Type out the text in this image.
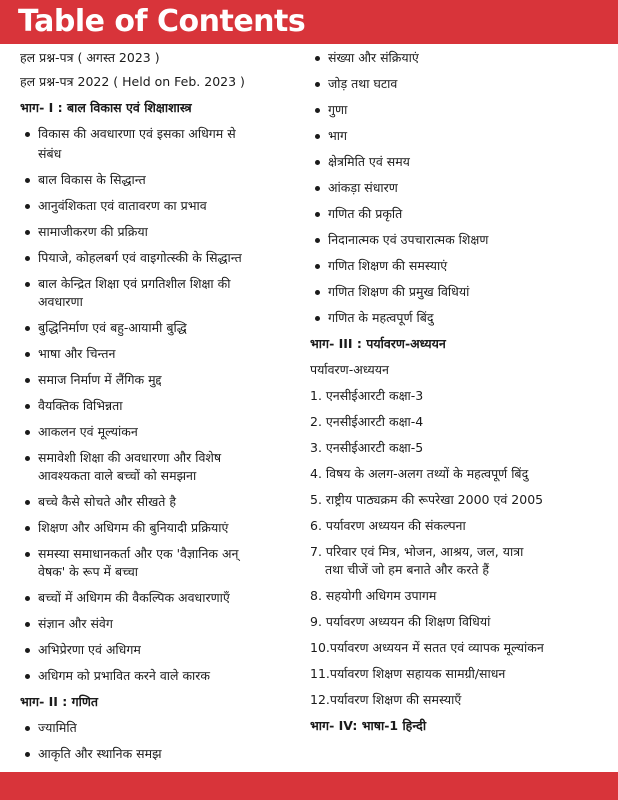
Table of Contents
हल प्रश्न-पत्र ( अगस्त 2023 )
हल प्रश्न-पत्र 2022 ( Held on Feb. 2023 )
भाग- I : बाल विकास एवं शिक्षाशास्त्र
विकास की अवधारणा एवं इसका अधिगम से
संबंध
बाल विकास के सिद्धान्त
आनुवंशिकता एवं वातावरण का प्रभाव
सामाजीकरण की प्रक्रिया
पियाजे, कोहलबर्ग एवं वाइगोत्स्की के सिद्धान्त
बाल केन्द्रित शिक्षा एवं प्रगतिशील शिक्षा की
अवधारणा
बुद्धिनिर्माण एवं बहु-आयामी बुद्धि
भाषा और चिन्तन
समाज निर्माण में लैंगिक मुद्द
वैयक्तिक विभिन्नता
आकलन एवं मूल्यांकन
समावेशी शिक्षा की अवधारणा और विशेष
आवश्यकता वाले बच्चों को समझना
बच्चे कैसे सोचते और सीखते है
शिक्षण और अधिगम की बुनियादी प्रक्रियाएं
समस्या समाधानकर्ता और एक 'वैज्ञानिक अन्
वेषक' के रूप में बच्चा
बच्चों में अधिगम की वैकल्पिक अवधारणाएँ
संज्ञान और संवेग
अभिप्रेरणा एवं अधिगम
अधिगम को प्रभावित करने वाले कारक
भाग- II : गणित
ज्यामिति
आकृति और स्थानिक समझ
संख्या और संक्रियाएं
जोड़ तथा घटाव
गुणा
भाग
क्षेत्रमिति एवं समय
आंकड़ा संधारण
गणित की प्रकृति
निदानात्मक एवं उपचारात्मक शिक्षण
गणित शिक्षण की समस्याएं
गणित शिक्षण की प्रमुख विधियां
गणित के महत्वपूर्ण बिंदु
भाग- III : पर्यावरण-अध्ययन
पर्यावरण-अध्ययन
1. एनसीईआरटी कक्षा-3
2. एनसीईआरटी कक्षा-4
3. एनसीईआरटी कक्षा-5
4. विषय के अलग-अलग तथ्यों के महत्वपूर्ण बिंदु
5. राष्ट्रीय पाठ्यक्रम की रूपरेखा 2000 एवं 2005
6. पर्यावरण अध्ययन की संकल्पना
7. परिवार एवं मित्र, भोजन, आश्रय, जल, यात्रा
तथा चीजें जो हम बनाते और करते हैं
8. सहयोगी अधिगम उपागम
9. पर्यावरण अध्ययन की शिक्षण विधियां
10.पर्यावरण अध्ययन में सतत एवं व्यापक मूल्यांकन
11.पर्यावरण शिक्षण सहायक सामग्री/साधन
12.पर्यावरण शिक्षण की समस्याएँ
भाग- IV: भाषा-1 हिन्दी
